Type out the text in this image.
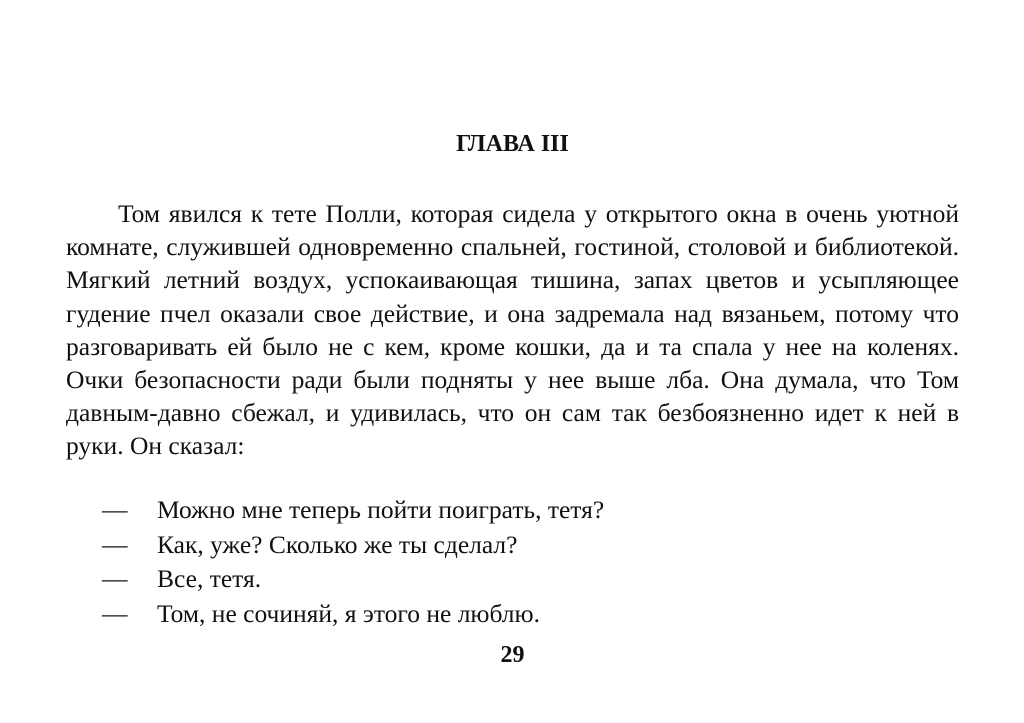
ГЛАВА III

Том явился к тете Полли, которая сидела у открытого окна в очень уютной комнате, служившей одновременно спальней, гостиной, столовой и библиотекой. Мягкий летний воздух, успокаивающая тишина, запах цветов и усыпляющее гудение пчел оказали свое действие, и она задремала над вязаньем, потому что разговаривать ей было не с кем, кроме кошки, да и та спала у нее на коленях. Очки безопасности ради были подняты у нее выше лба. Она думала, что Том давным-давно сбежал, и удивилась, что он сам так безбоязненно идет к ней в руки. Он сказал:

— Можно мне теперь пойти поиграть, тетя?
— Как, уже? Сколько же ты сделал?
— Все, тетя.
— Том, не сочиняй, я этого не люблю.
29
